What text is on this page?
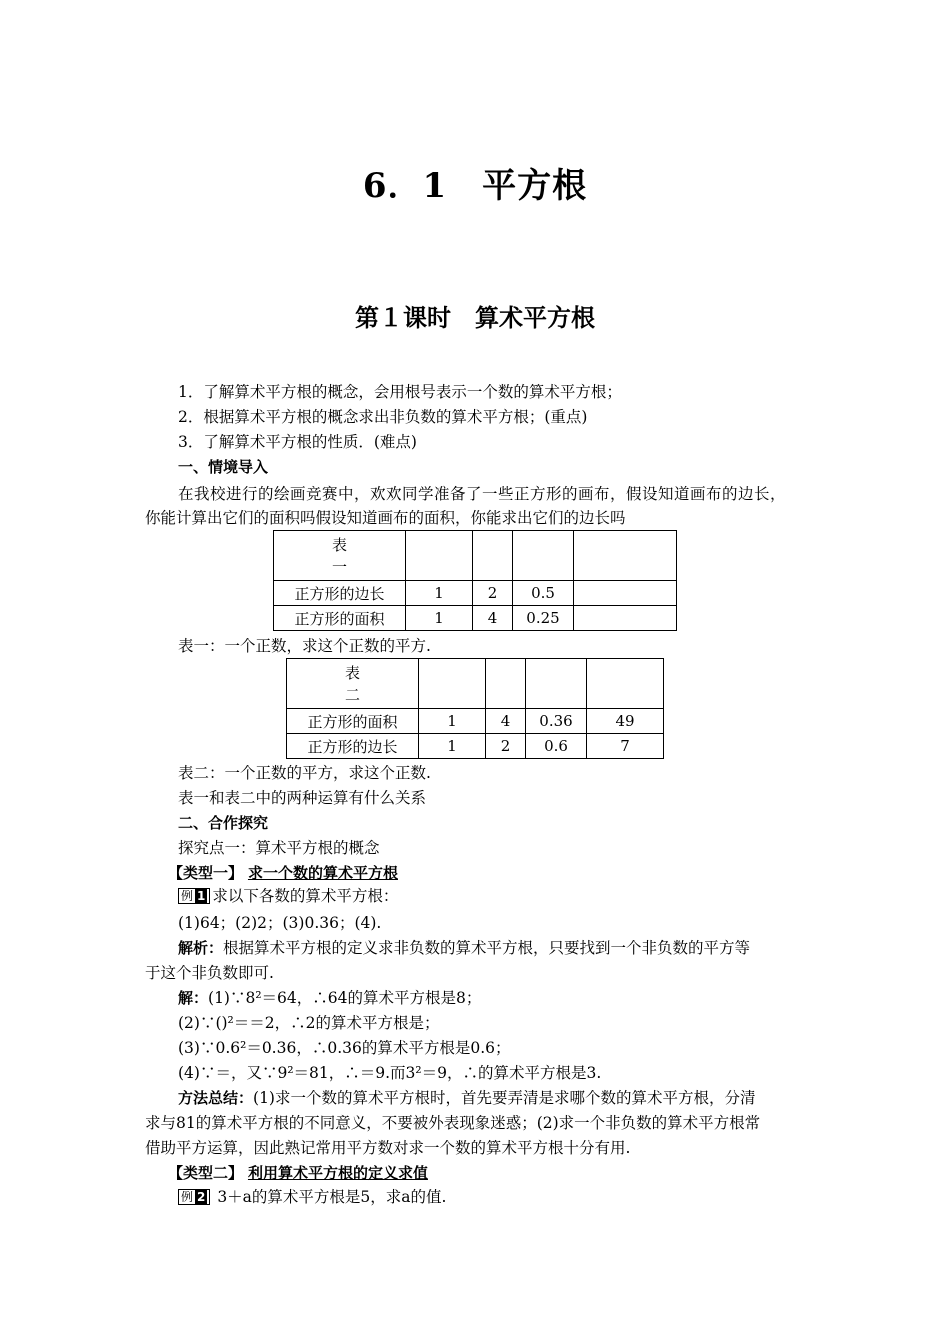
6．1　平方根
第１课时　算术平方根
1．了解算术平方根的概念，会用根号表示一个数的算术平方根；
2．根据算术平方根的概念求出非负数的算术平方根；(重点)
3．了解算术平方根的性质．(难点)
一、情境导入
在我校进行的绘画竞赛中，欢欢同学准备了一些正方形的画布，假设知道画布的边长，
你能计算出它们的面积吗假设知道画布的面积，你能求出它们的边长吗
表
一				

正方形的边长	1	2	0.5	
正方形的面积	1	4	0.25	
表一：一个正数，求这个正数的平方.
表
二				

正方形的面积	1	4	0.36	49
正方形的边长	1	2	0.6	7
表二：一个正数的平方，求这个正数.
表一和表二中的两种运算有什么关系
二、合作探究
探究点一：算术平方根的概念
【类型一】 求一个数的算术平方根
例 1 求以下各数的算术平方根：
(1)64；(2)2；(3)0.36；(4).
解析：根据算术平方根的定义求非负数的算术平方根，只要找到一个非负数的平方等
于这个非负数即可.
解：(1)∵8²＝64，∴64的算术平方根是8；
(2)∵()²＝＝2，∴2的算术平方根是；
(3)∵0.6²＝0.36，∴0.36的算术平方根是0.6；
(4)∵＝，又∵9²＝81，∴＝9.而3²＝9，∴的算术平方根是3.
方法总结：(1)求一个数的算术平方根时，首先要弄清是求哪个数的算术平方根，分清
求与81的算术平方根的不同意义，不要被外表现象迷惑；(2)求一个非负数的算术平方根常
借助平方运算，因此熟记常用平方数对求一个数的算术平方根十分有用.
【类型二】 利用算术平方根的定义求值
例 2 3＋a的算术平方根是5，求a的值.
